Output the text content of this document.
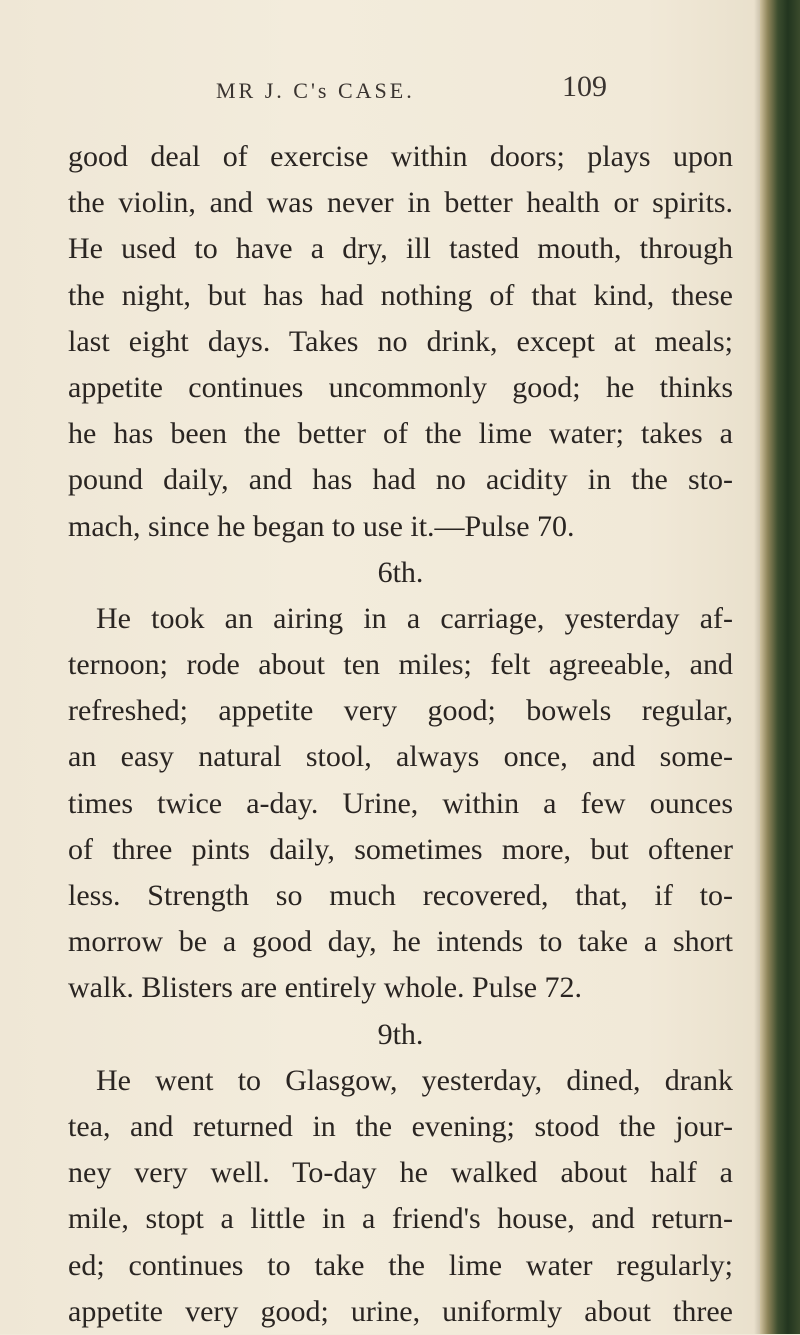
MR J. C's CASE.	109
good deal of exercise within doors; plays upon
the violin, and was never in better health or spirits.
He used to have a dry, ill tasted mouth, through
the night, but has had nothing of that kind, these
last eight days. Takes no drink, except at meals;
appetite continues uncommonly good; he thinks
he has been the better of the lime water; takes a
pound daily, and has had no acidity in the sto-
mach, since he began to use it.—Pulse 70.
6th.
He took an airing in a carriage, yesterday af-
ternoon; rode about ten miles; felt agreeable, and
refreshed; appetite very good; bowels regular,
an easy natural stool, always once, and some-
times twice a-day. Urine, within a few ounces
of three pints daily, sometimes more, but oftener
less. Strength so much recovered, that, if to-
morrow be a good day, he intends to take a short
walk. Blisters are entirely whole. Pulse 72.
9th.
He went to Glasgow, yesterday, dined, drank
tea, and returned in the evening; stood the jour-
ney very well. To-day he walked about half a
mile, stopt a little in a friend's house, and return-
ed; continues to take the lime water regularly;
appetite very good; urine, uniformly about three
